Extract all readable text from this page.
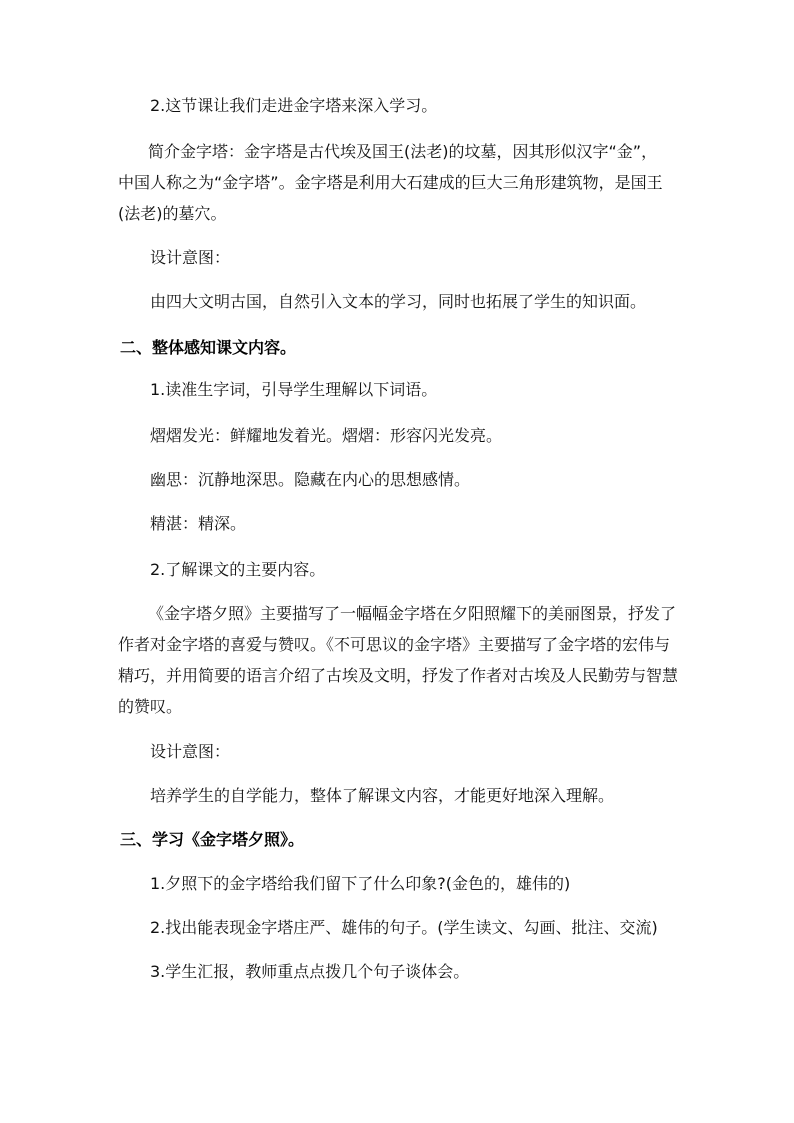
2.这节课让我们走进金字塔来深入学习。
简介金字塔：金字塔是古代埃及国王(法老)的坟墓，因其形似汉字“金”，
中国人称之为“金字塔”。金字塔是利用大石建成的巨大三角形建筑物，是国王
(法老)的墓穴。
设计意图：
由四大文明古国，自然引入文本的学习，同时也拓展了学生的知识面。
二、整体感知课文内容。
1.读准生字词，引导学生理解以下词语。
熠熠发光：鲜耀地发着光。熠熠：形容闪光发亮。
幽思：沉静地深思。隐藏在内心的思想感情。
精湛：精深。
2.了解课文的主要内容。
《金字塔夕照》主要描写了一幅幅金字塔在夕阳照耀下的美丽图景，抒发了
作者对金字塔的喜爱与赞叹。《不可思议的金字塔》主要描写了金字塔的宏伟与
精巧，并用简要的语言介绍了古埃及文明，抒发了作者对古埃及人民勤劳与智慧
的赞叹。
设计意图：
培养学生的自学能力，整体了解课文内容，才能更好地深入理解。
三、学习《金字塔夕照》。
1.夕照下的金字塔给我们留下了什么印象?(金色的，雄伟的)
2.找出能表现金字塔庄严、雄伟的句子。(学生读文、勾画、批注、交流)
3.学生汇报，教师重点点拨几个句子谈体会。
